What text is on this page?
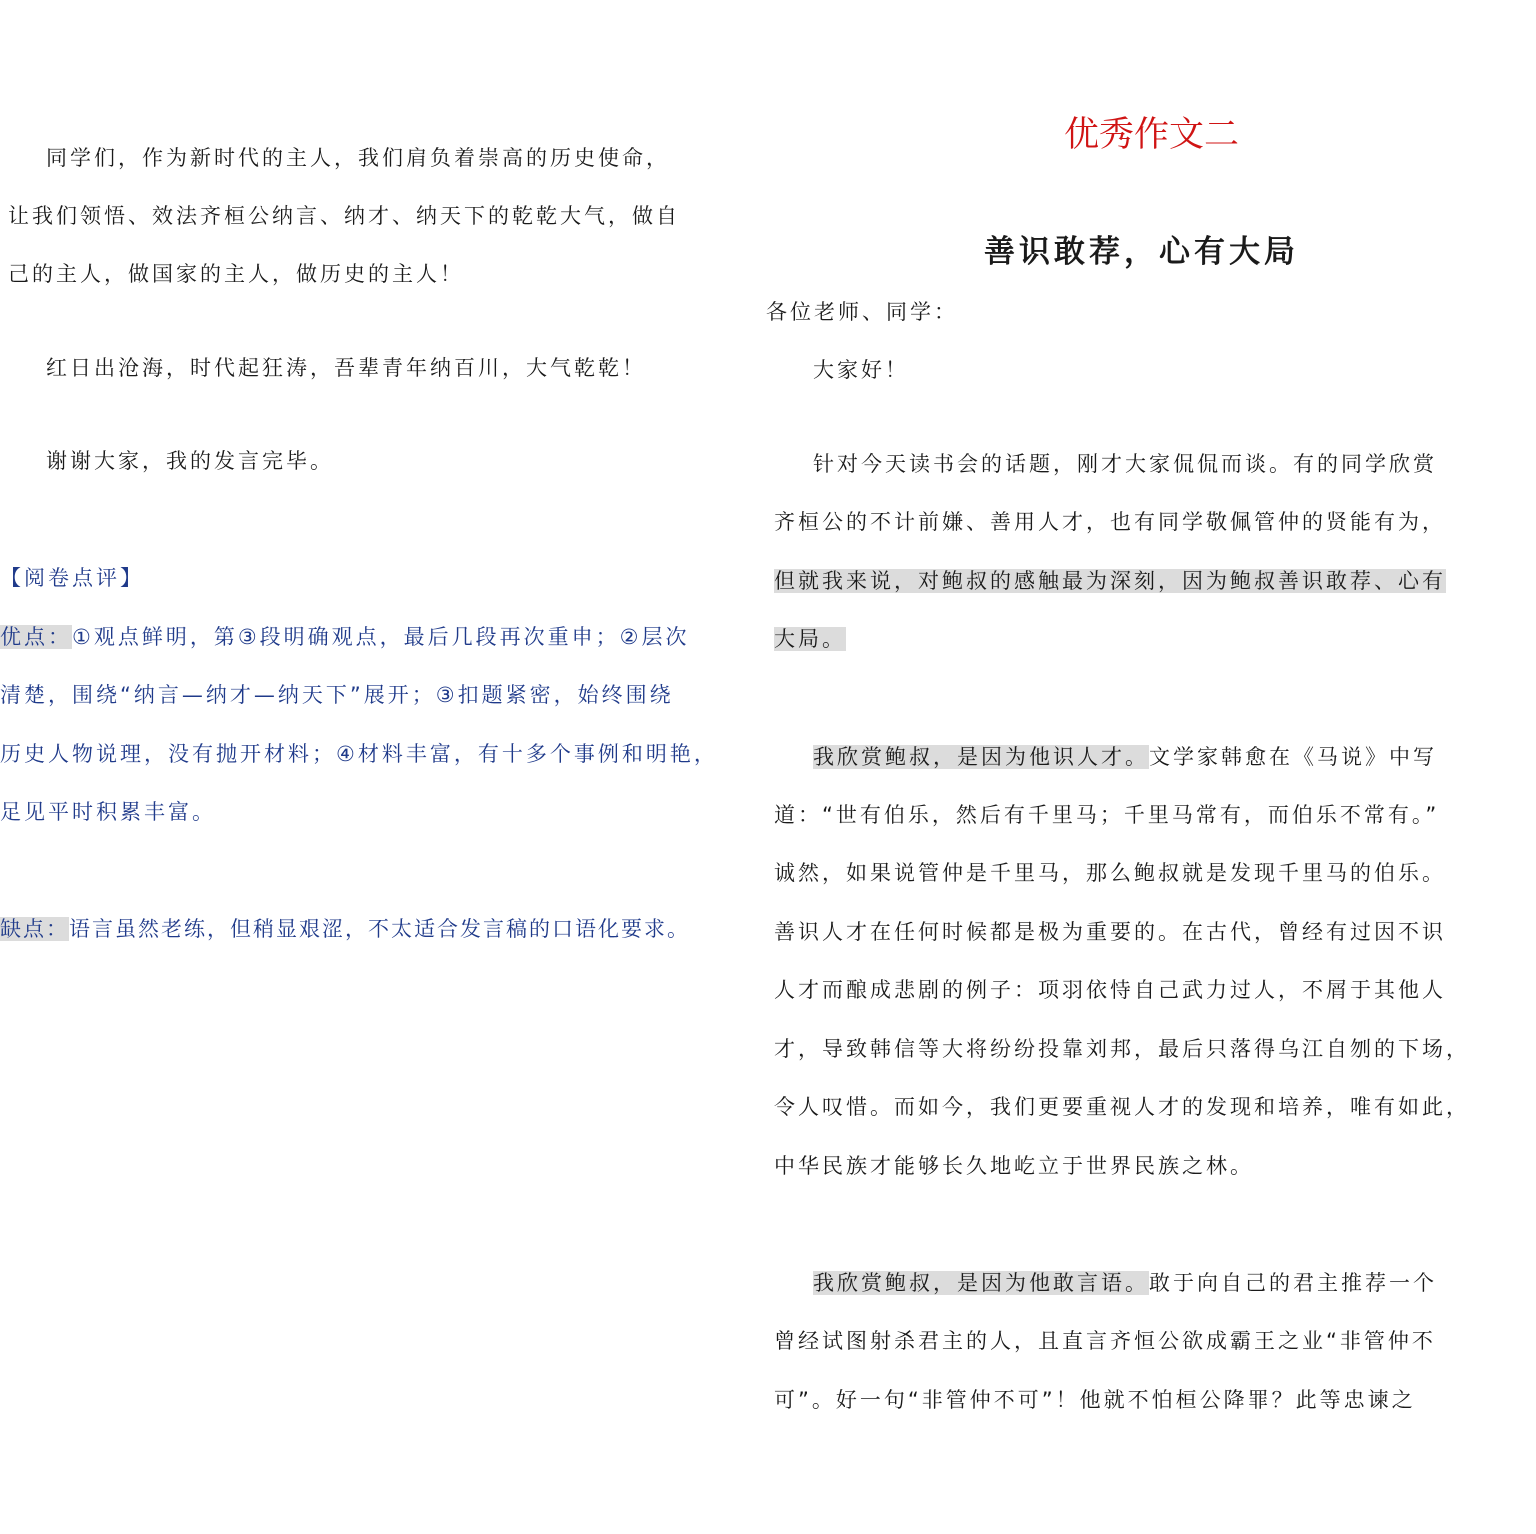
同学们，作为新时代的主人，我们肩负着崇高的历史使命，
让我们领悟、效法齐桓公纳言、纳才、纳天下的乾乾大气，做自
己的主人，做国家的主人，做历史的主人！
红日出沧海，时代起狂涛，吾辈青年纳百川，大气乾乾！
谢谢大家，我的发言完毕。
【阅卷点评】
优点：①观点鲜明，第③段明确观点，最后几段再次重申；②层次
清楚，围绕“纳言—纳才—纳天下”展开；③扣题紧密，始终围绕
历史人物说理，没有抛开材料；④材料丰富，有十多个事例和明艳，
足见平时积累丰富。
缺点：语言虽然老练，但稍显艰涩，不太适合发言稿的口语化要求。
优秀作文二
善识敢荐，心有大局
各位老师、同学：
大家好！
针对今天读书会的话题，刚才大家侃侃而谈。有的同学欣赏
齐桓公的不计前嫌、善用人才，也有同学敬佩管仲的贤能有为，
但就我来说，对鲍叔的感触最为深刻，因为鲍叔善识敢荐、心有
大局。
我欣赏鲍叔，是因为他识人才。文学家韩愈在《马说》中写
道：“世有伯乐，然后有千里马；千里马常有，而伯乐不常有。”
诚然，如果说管仲是千里马，那么鲍叔就是发现千里马的伯乐。
善识人才在任何时候都是极为重要的。在古代，曾经有过因不识
人才而酿成悲剧的例子：项羽依恃自己武力过人，不屑于其他人
才，导致韩信等大将纷纷投靠刘邦，最后只落得乌江自刎的下场，
令人叹惜。而如今，我们更要重视人才的发现和培养，唯有如此，
中华民族才能够长久地屹立于世界民族之林。
我欣赏鲍叔，是因为他敢言语。敢于向自己的君主推荐一个
曾经试图射杀君主的人，且直言齐恒公欲成霸王之业“非管仲不
可”。好一句“非管仲不可”！他就不怕桓公降罪？此等忠谏之
